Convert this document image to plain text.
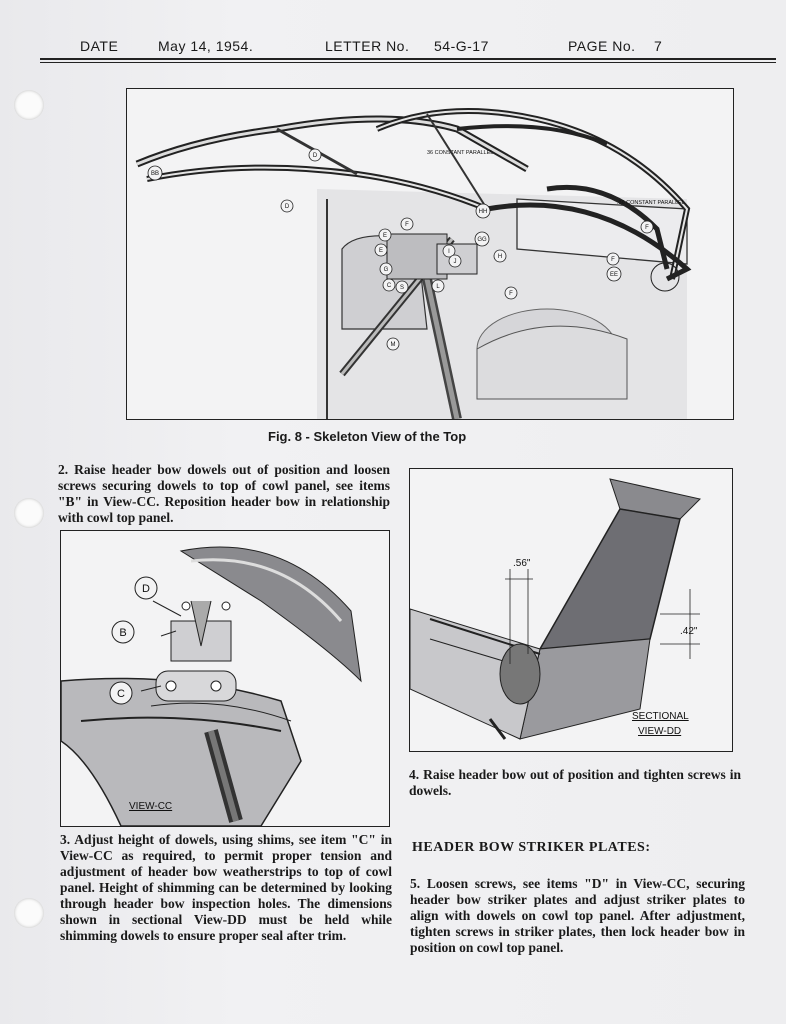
DATE	May 14, 1954.	LETTER No. 54-G-17	PAGE No. 7
36 CONSTANT PARALLEL
.36 CONSTANT PARALLEL
BB
D
D
E
E
F
G
C S	L
I
J
HH
GG
H
F
M
F
F
EE
Fig. 8 - Skeleton View of the Top

2. Raise header bow dowels out of position and loosen screws securing dowels to top of cowl panel, see items "B" in View-CC. Reposition header bow in relationship with cowl top panel.

D
B
C
VIEW-CC

3. Adjust height of dowels, using shims, see item "C" in View-CC as required, to permit proper tension and adjustment of header bow weatherstrips to top of cowl panel. Height of shimming can be determined by looking through header bow inspection holes. The dimensions shown in sectional View-DD must be held while shimming dowels to ensure proper seal after trim.

.56"
.42"
SECTIONAL
VIEW-DD

4. Raise header bow out of position and tighten screws in dowels.

HEADER BOW STRIKER PLATES:

5. Loosen screws, see items "D" in View-CC, securing header bow striker plates and adjust striker plates to align with dowels on cowl top panel. After adjustment, tighten screws in striker plates, then lock header bow in position on cowl top panel.
